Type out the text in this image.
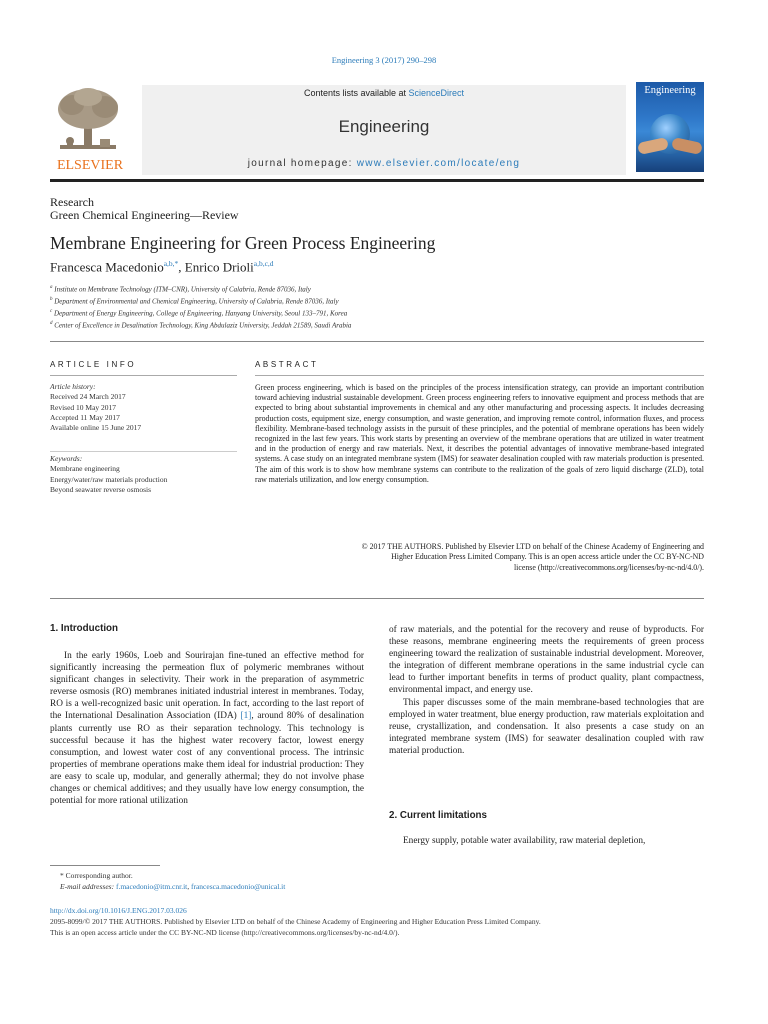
Engineering 3 (2017) 290–298
ELSEVIER
Contents lists available at ScienceDirect
Engineering
journal homepage: www.elsevier.com/locate/eng
Engineering
Research
Green Chemical Engineering—Review
Membrane Engineering for Green Process Engineering
Francesca Macedonio$^{a,b,*}$, Enrico Drioli$^{a,b,c,d}$
$^a$ Institute on Membrane Technology (ITM–CNR), University of Calabria, Rende 87036, Italy
$^b$ Department of Environmental and Chemical Engineering, University of Calabria, Rende 87036, Italy
$^c$ Department of Energy Engineering, College of Engineering, Hanyang University, Seoul 133–791, Korea
$^d$ Center of Excellence in Desalination Technology, King Abdulaziz University, Jeddah 21589, Saudi Arabia
ARTICLE INFO	ABSTRACT
Article history:
Received 24 March 2017
Revised 10 May 2017
Accepted 11 May 2017
Available online 15 June 2017
Keywords:
Membrane engineering
Energy/water/raw materials production
Beyond seawater reverse osmosis
Green process engineering, which is based on the principles of the process intensification strategy, can provide an important contribution toward achieving industrial sustainable development. Green process engineering refers to innovative equipment and process methods that are expected to bring about substantial improvements in chemical and any other manufacturing and processing aspects. It includes decreasing production costs, equipment size, energy consumption, and waste generation, and improving remote control, information fluxes, and process flexibility. Membrane-based technology assists in the pursuit of these principles, and the potential of membrane operations has been widely recognized in the last few years. This work starts by presenting an overview of the membrane operations that are utilized in water treatment and in the production of energy and raw materials. Next, it describes the potential advantages of innovative membrane-based integrated systems. A case study on an integrated membrane system (IMS) for seawater desalination coupled with raw materials production is presented. The aim of this work is to show how membrane systems can contribute to the realization of the goals of zero liquid discharge (ZLD), total raw materials utilization, and low energy consumption.
© 2017 THE AUTHORS. Published by Elsevier LTD on behalf of the Chinese Academy of Engineering and
Higher Education Press Limited Company. This is an open access article under the CC BY-NC-ND
license (http://creativecommons.org/licenses/by-nc-nd/4.0/).
1. Introduction

In the early 1960s, Loeb and Sourirajan fine-tuned an effective method for significantly increasing the permeation flux of polymeric membranes without significant changes in selectivity. Their work in the preparation of asymmetric reverse osmosis (RO) membranes initiated industrial interest in membranes. Today, RO is a well-recognized basic unit operation. In fact, according to the last report of the International Desalination Association (IDA) [1], around 80% of desalination plants currently use RO as their separation technology. This technology is successful because it has the highest water recovery factor, lowest energy consumption, and lowest water cost of any conventional process. The intrinsic properties of membrane operations make them ideal for industrial production: They are easy to scale up, modular, and generally athermal; they do not involve phase changes or chemical additives; and they usually have low energy consumption, the potential for more rational utilization

of raw materials, and the potential for the recovery and reuse of byproducts. For these reasons, membrane engineering meets the requirements of green process engineering toward the realization of sustainable industrial development. Moreover, the integration of different membrane operations in the same industrial cycle can lead to further important benefits in terms of product quality, plant compactness, environmental impact, and energy use.

This paper discusses some of the main membrane-based technologies that are employed in water treatment, blue energy production, raw materials exploitation and reuse, crystallization, and condensation. It also presents a case study on an integrated membrane system (IMS) for seawater desalination coupled with raw material production.

2. Current limitations

Energy supply, potable water availability, raw material depletion,

* Corresponding author.
E-mail addresses: f.macedonio@itm.cnr.it, francesca.macedonio@unical.it
http://dx.doi.org/10.1016/J.ENG.2017.03.026
2095-8099/© 2017 THE AUTHORS. Published by Elsevier LTD on behalf of the Chinese Academy of Engineering and Higher Education Press Limited Company.
This is an open access article under the CC BY-NC-ND license (http://creativecommons.org/licenses/by-nc-nd/4.0/).
